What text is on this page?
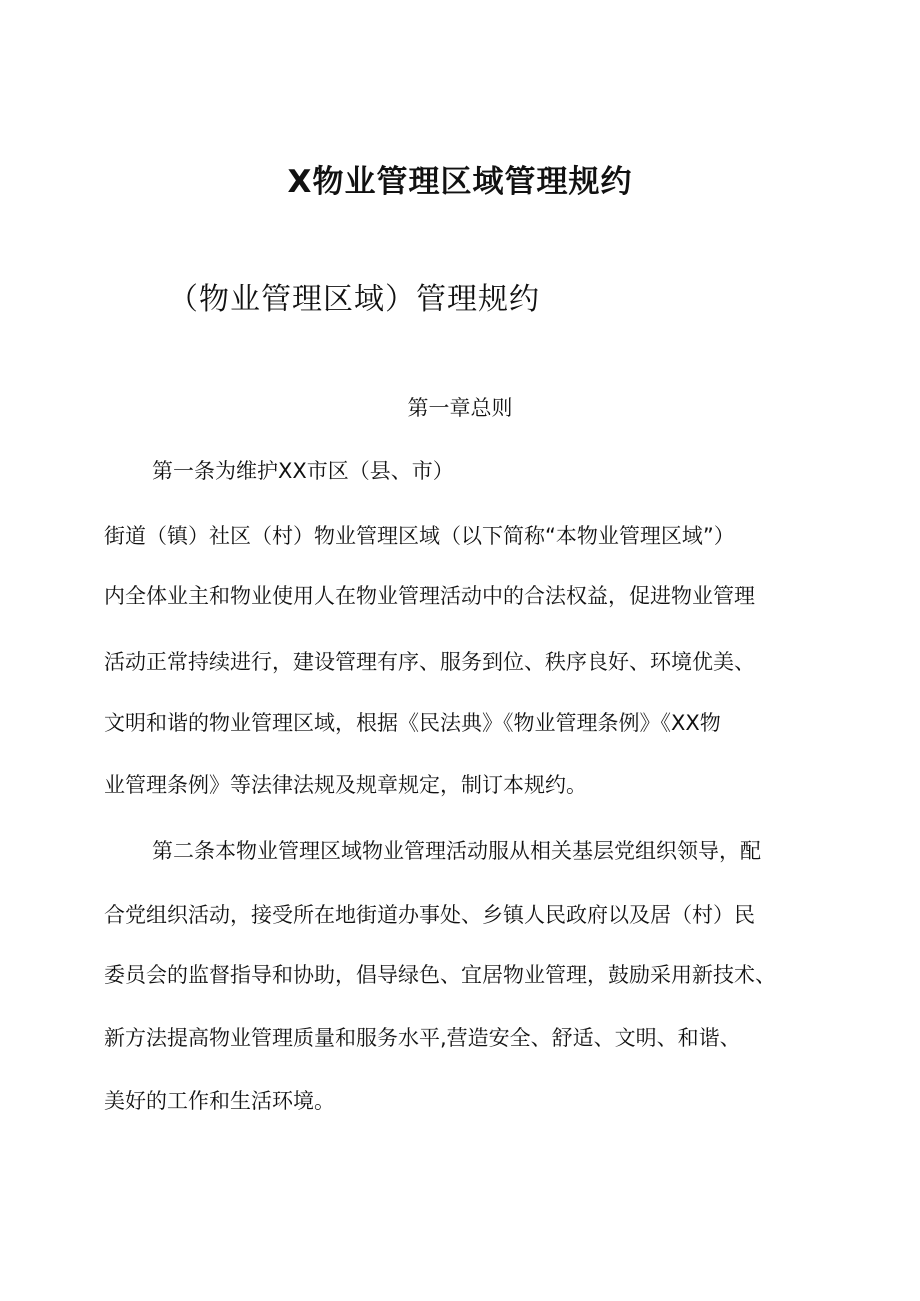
X物业管理区域管理规约
（物业管理区域）管理规约
第一章总则
第一条为维护XX市区（县、市）
街道（镇）社区（村）物业管理区域（以下简称“本物业管理区域”）
内全体业主和物业使用人在物业管理活动中的合法权益，促进物业管理
活动正常持续进行，建设管理有序、服务到位、秩序良好、环境优美、
文明和谐的物业管理区域，根据《民法典》《物业管理条例》《XX物
业管理条例》等法律法规及规章规定，制订本规约。
第二条本物业管理区域物业管理活动服从相关基层党组织领导，配
合党组织活动，接受所在地街道办事处、乡镇人民政府以及居（村）民
委员会的监督指导和协助，倡导绿色、宜居物业管理，鼓励采用新技术、
新方法提高物业管理质量和服务水平,营造安全、舒适、文明、和谐、
美好的工作和生活环境。
